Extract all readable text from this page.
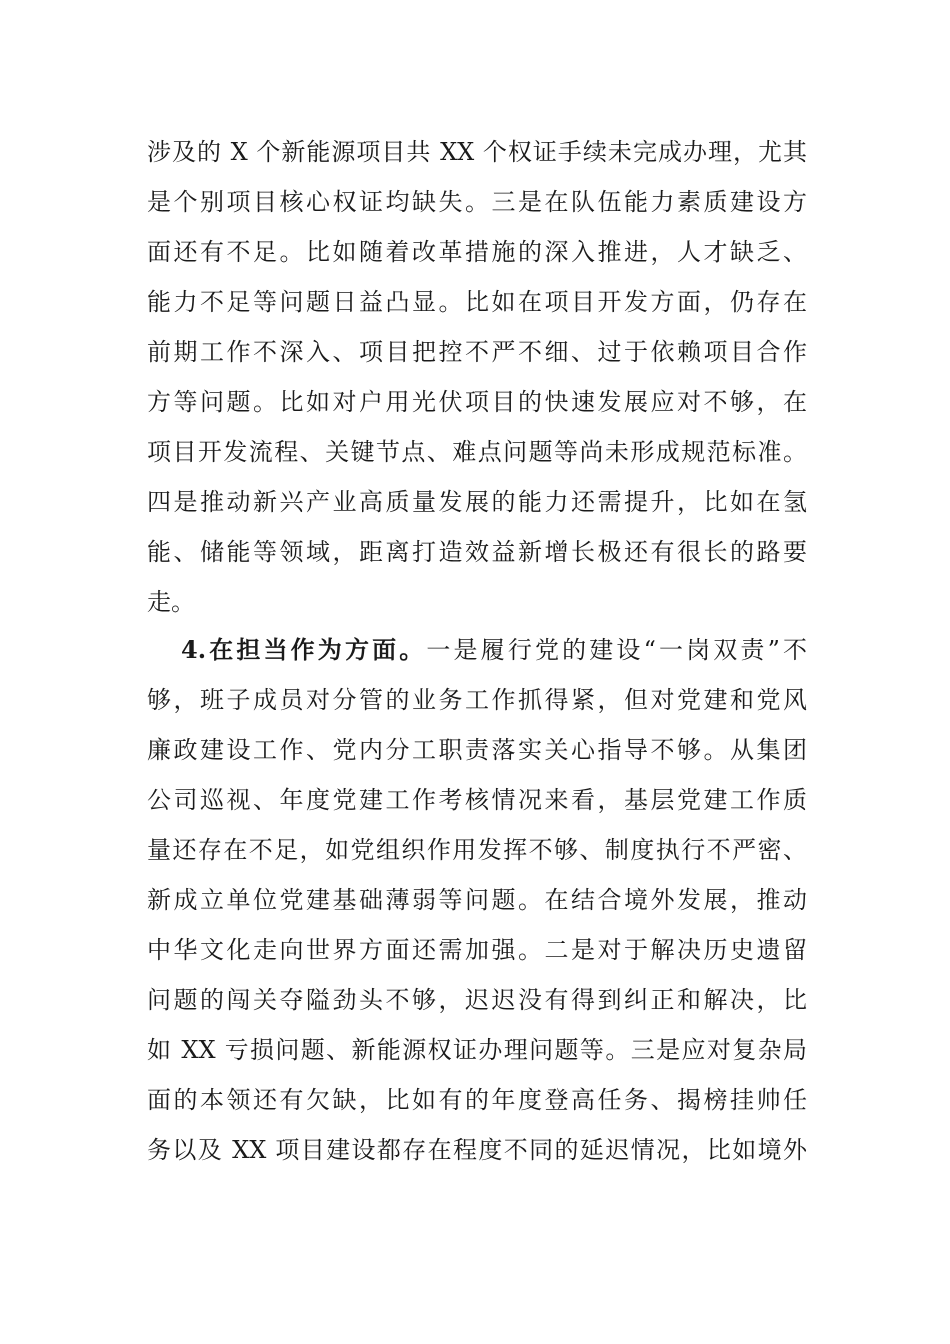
涉及的 X 个新能源项目共 XX 个权证手续未完成办理，尤其
是个别项目核心权证均缺失。三是在队伍能力素质建设方
面还有不足。比如随着改革措施的深入推进，人才缺乏、
能力不足等问题日益凸显。比如在项目开发方面，仍存在
前期工作不深入、项目把控不严不细、过于依赖项目合作
方等问题。比如对户用光伏项目的快速发展应对不够，在
项目开发流程、关键节点、难点问题等尚未形成规范标准。
四是推动新兴产业高质量发展的能力还需提升，比如在氢
能、储能等领域，距离打造效益新增长极还有很长的路要
走。
4.在担当作为方面。一是履行党的建设“一岗双责”不
够，班子成员对分管的业务工作抓得紧，但对党建和党风
廉政建设工作、党内分工职责落实关心指导不够。从集团
公司巡视、年度党建工作考核情况来看，基层党建工作质
量还存在不足，如党组织作用发挥不够、制度执行不严密、
新成立单位党建基础薄弱等问题。在结合境外发展，推动
中华文化走向世界方面还需加强。二是对于解决历史遗留
问题的闯关夺隘劲头不够，迟迟没有得到纠正和解决，比
如 XX 亏损问题、新能源权证办理问题等。三是应对复杂局
面的本领还有欠缺，比如有的年度登高任务、揭榜挂帅任
务以及 XX 项目建设都存在程度不同的延迟情况，比如境外
